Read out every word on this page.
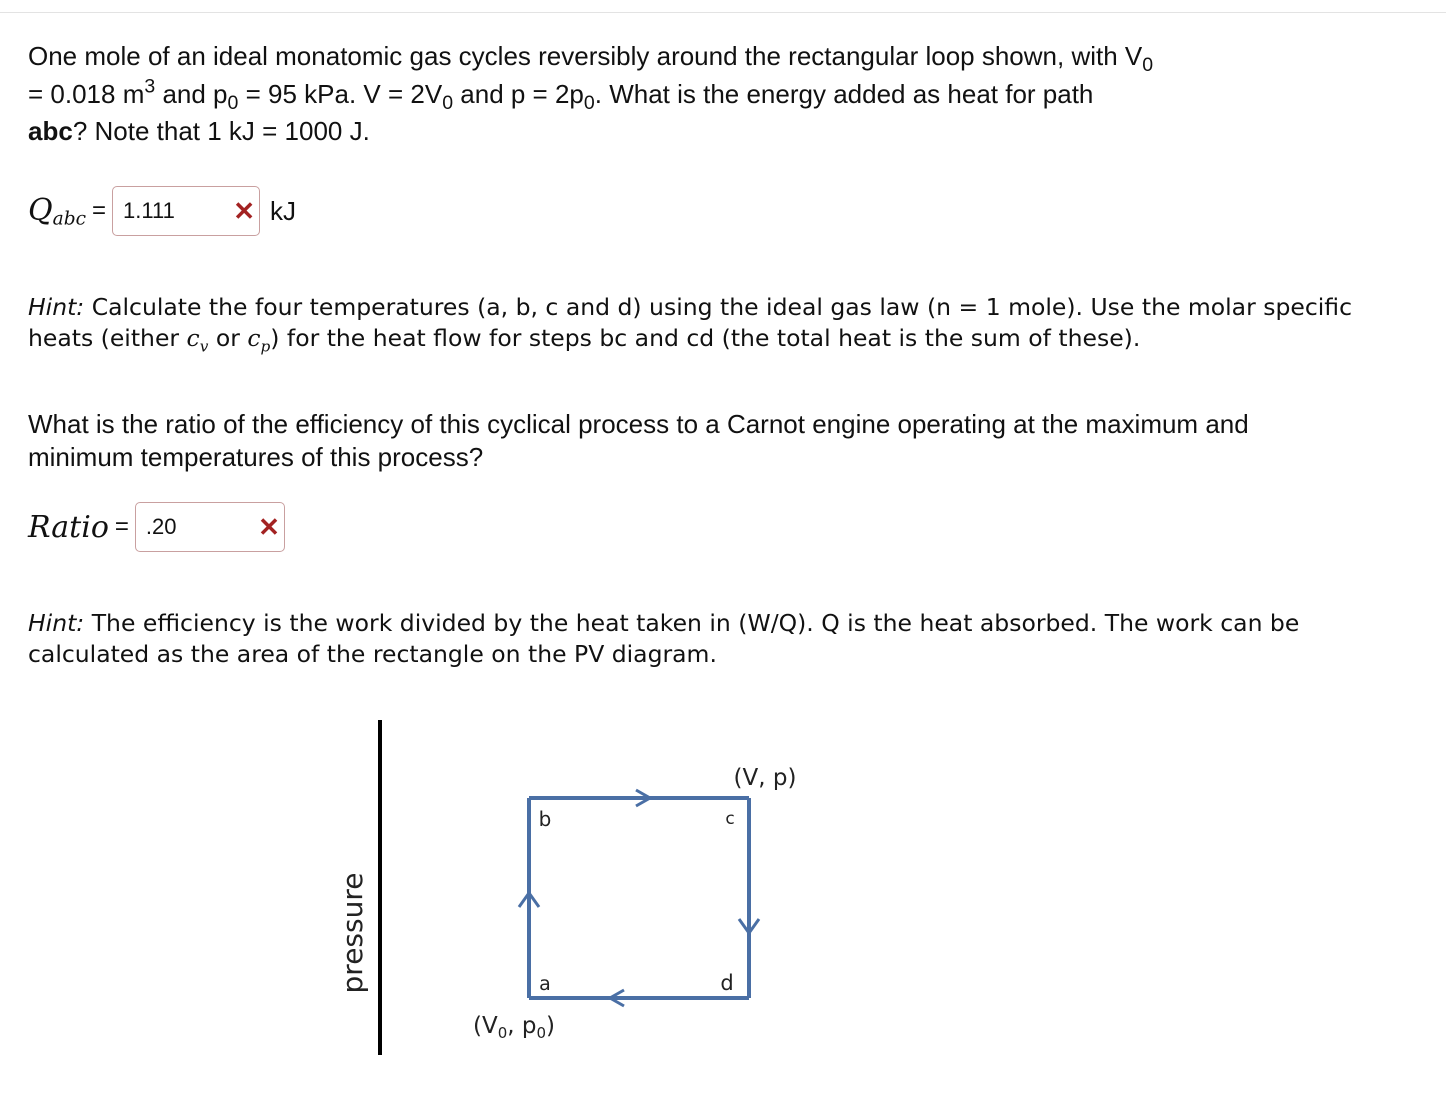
One mole of an ideal monatomic gas cycles reversibly around the rectangular loop shown, with $V_0$
= 0.018 $m^3$ and $p_0 = 95$ kPa. $V = 2V_0$ and $p = 2p_0$. What is the energy added as heat for path
abc? Note that 1 kJ = 1000 J.
$Q_{abc} = 1.111$ ✕ kJ
Hint: Calculate the four temperatures (a, b, c and d) using the ideal gas law (n = 1 mole). Use the molar specific heats (either $c_v$ or $c_p$) for the heat flow for steps bc and cd (the total heat is the sum of these).
What is the ratio of the efficiency of this cyclical process to a Carnot engine operating at the maximum and minimum temperatures of this process?
Ratio = .20	✕
Hint: The efficiency is the work divided by the heat taken in (W/Q). Q is the heat absorbed. The work can be calculated as the area of the rectangle on the PV diagram.
pressure
b	c
a	d
(V, p)
($V_0$, $p_0$)
